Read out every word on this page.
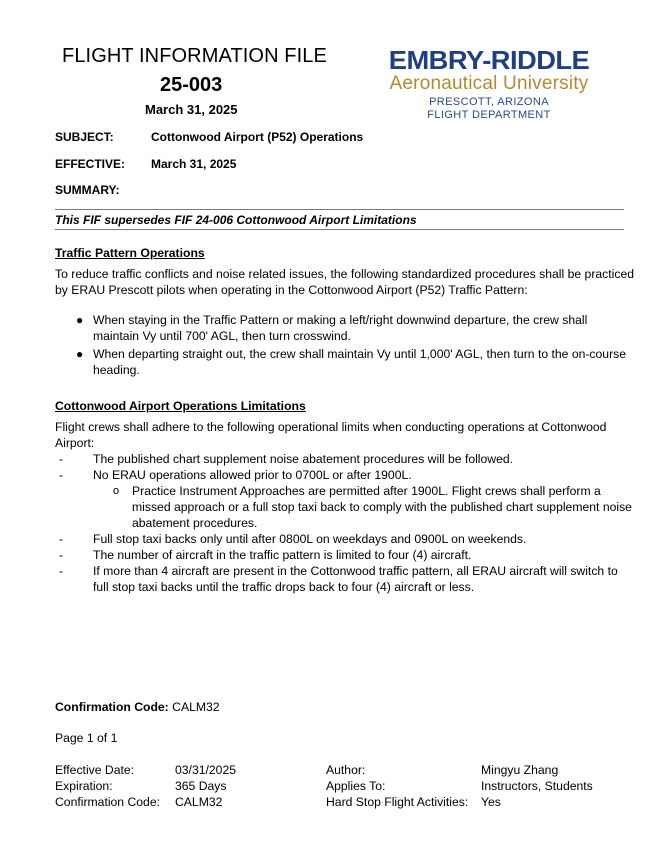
FLIGHT INFORMATION FILE
25-003
March 31, 2025
EMBRY-RIDDLE
Aeronautical University
PRESCOTT, ARIZONA
FLIGHT DEPARTMENT
SUBJECT:	Cottonwood Airport (P52) Operations
EFFECTIVE: March 31, 2025
SUMMARY:
This FIF supersedes FIF 24-006 Cottonwood Airport Limitations
Traffic Pattern Operations

To reduce traffic conflicts and noise related issues, the following standardized procedures shall be practiced by ERAU Prescott pilots when operating in the Cottonwood Airport (P52) Traffic Pattern:

● When staying in the Traffic Pattern or making a left/right downwind departure, the crew shall maintain Vy until 700' AGL, then turn crosswind.
● When departing straight out, the crew shall maintain Vy until 1,000' AGL, then turn to the on-course heading.
Cottonwood Airport Operations Limitations

Flight crews shall adhere to the following operational limits when conducting operations at Cottonwood Airport:

- The published chart supplement noise abatement procedures will be followed.
- No ERAU operations allowed prior to 0700L or after 1900L.
o Practice Instrument Approaches are permitted after 1900L. Flight crews shall perform a missed approach or a full stop taxi back to comply with the published chart supplement noise abatement procedures.
- Full stop taxi backs only until after 0800L on weekdays and 0900L on weekends.
- The number of aircraft in the traffic pattern is limited to four (4) aircraft.
- If more than 4 aircraft are present in the Cottonwood traffic pattern, all ERAU aircraft will switch to full stop taxi backs until the traffic drops back to four (4) aircraft or less.
Confirmation Code: CALM32
Page 1 of 1
Effective Date:	03/31/2025	Author:	Mingyu Zhang
Expiration:	365 Days	Applies To:	Instructors, Students
Confirmation Code: CALM32	Hard Stop Flight Activities: Yes
